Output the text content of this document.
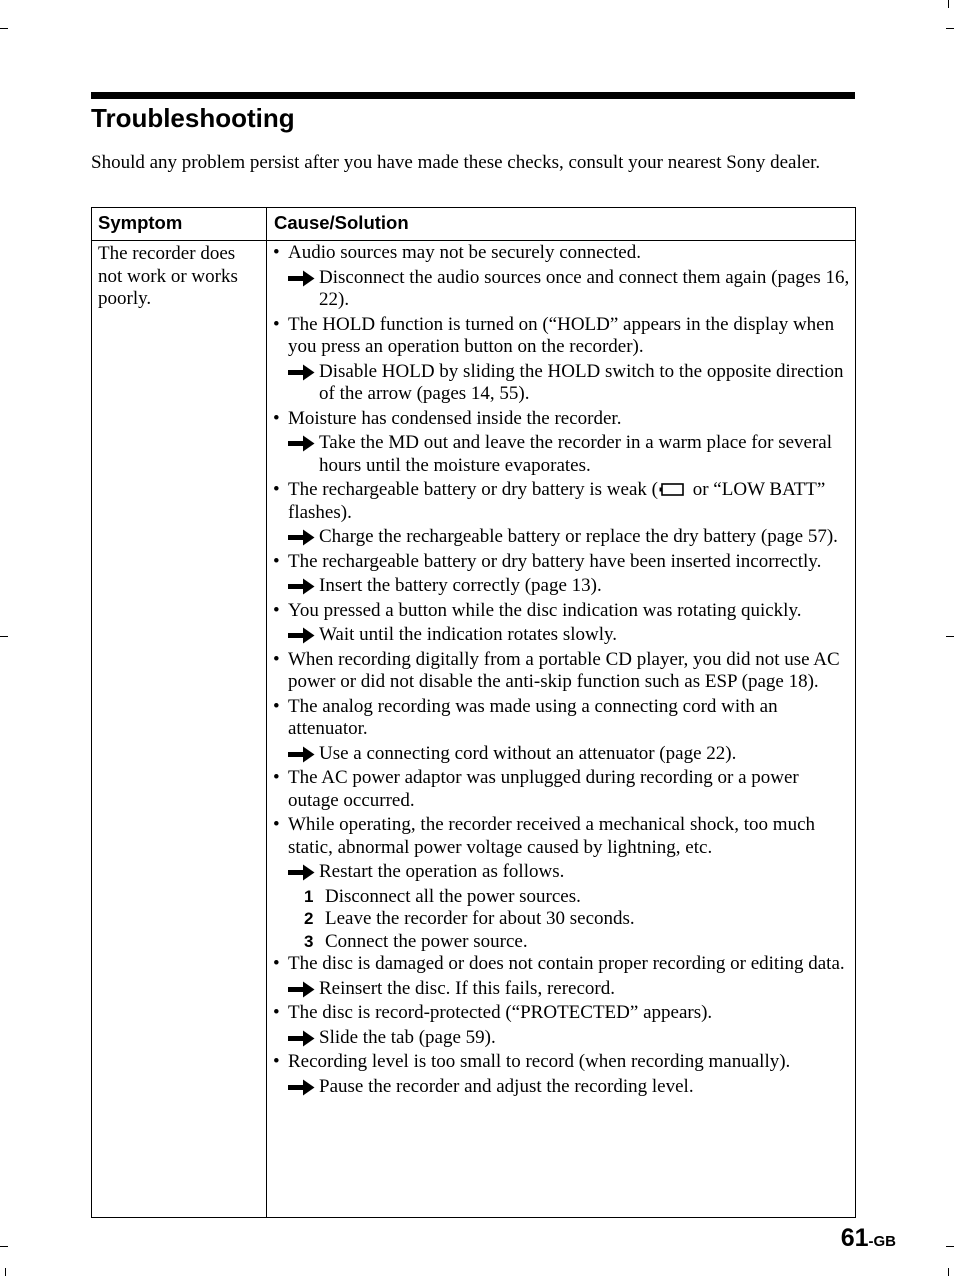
Troubleshooting

Should any problem persist after you have made these checks, consult your nearest Sony dealer.

Symptom	Cause/Solution
The recorder does not work or works poorly.
• Audio sources may not be securely connected.
Disconnect the audio sources once and connect them again (pages 16, 22).
• The HOLD function is turned on (“HOLD” appears in the display when you press an operation button on the recorder).
Disable HOLD by sliding the HOLD switch to the opposite direction of the arrow (pages 14, 55).
• Moisture has condensed inside the recorder.
Take the MD out and leave the recorder in a warm place for several hours until the moisture evaporates.
• The rechargeable battery or dry battery is weak ( or “LOW BATT” flashes).
Charge the rechargeable battery or replace the dry battery (page 57).
• The rechargeable battery or dry battery have been inserted incorrectly.
Insert the battery correctly (page 13).
• You pressed a button while the disc indication was rotating quickly.
Wait until the indication rotates slowly.
• When recording digitally from a portable CD player, you did not use AC power or did not disable the anti-skip function such as ESP (page 18).
• The analog recording was made using a connecting cord with an attenuator.
Use a connecting cord without an attenuator (page 22).
• The AC power adaptor was unplugged during recording or a power outage occurred.
• While operating, the recorder received a mechanical shock, too much static, abnormal power voltage caused by lightning, etc.
Restart the operation as follows.
1 Disconnect all the power sources.
2 Leave the recorder for about 30 seconds.
3 Connect the power source.
• The disc is damaged or does not contain proper recording or editing data.
Reinsert the disc. If this fails, rerecord.
• The disc is record-protected (“PROTECTED” appears).
Slide the tab (page 59).
• Recording level is too small to record (when recording manually).
Pause the recorder and adjust the recording level.
61-GB
